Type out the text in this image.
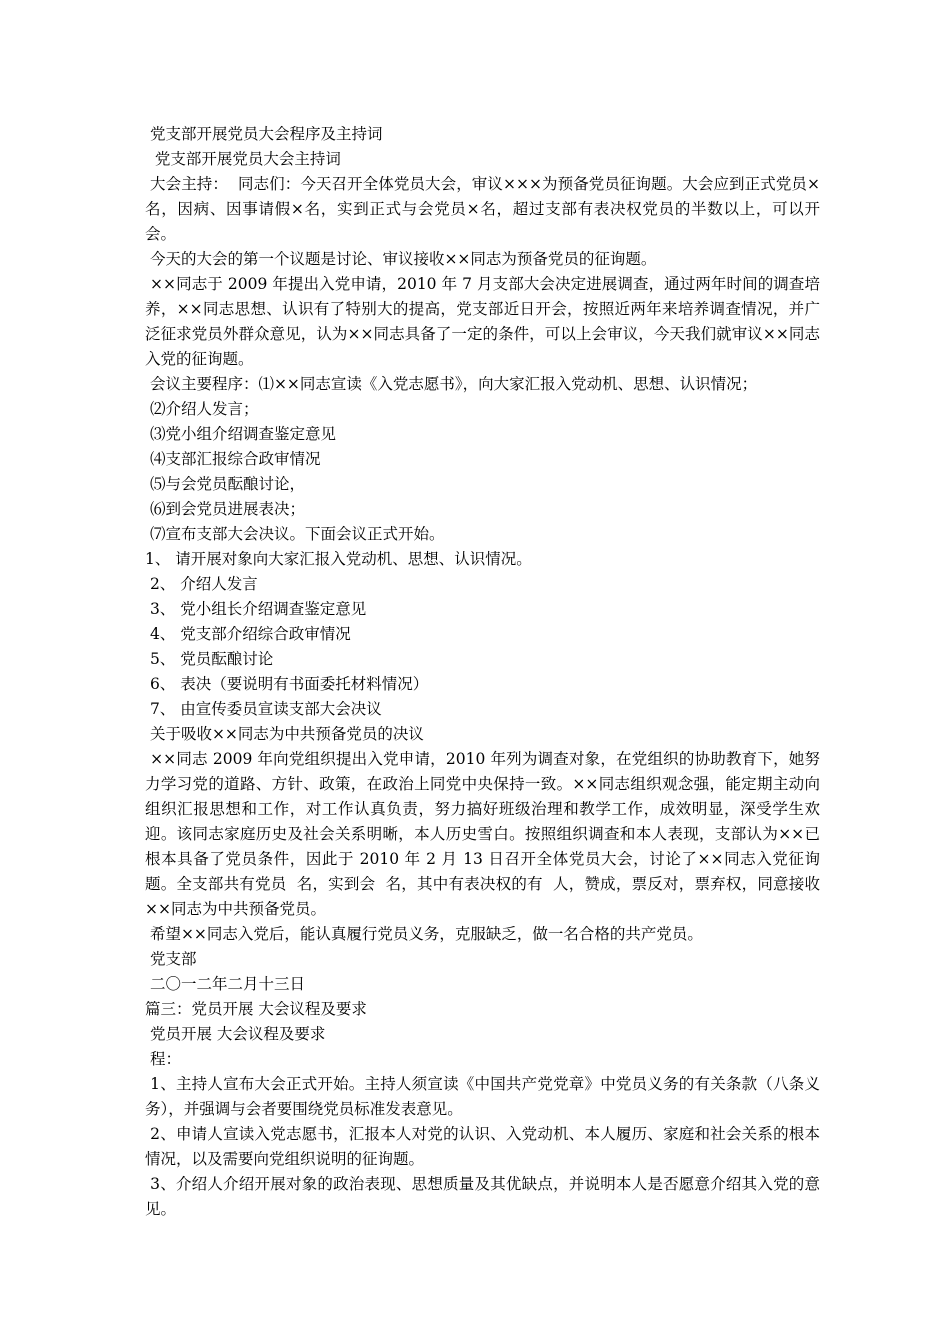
党支部开展党员大会程序及主持词

党支部开展党员大会主持词

大会主持：  同志们：今天召开全体党员大会，审议×××为预备党员征询题。大会应到正式党员×名，因病、因事请假×名，实到正式与会党员×名，超过支部有表决权党员的半数以上，可以开会。

今天的大会的第一个议题是讨论、审议接收××同志为预备党员的征询题。

××同志于 2009 年提出入党申请，2010 年 7 月支部大会决定进展调查，通过两年时间的调查培养，××同志思想、认识有了特别大的提高，党支部近日开会，按照近两年来培养调查情况，并广泛征求党员外群众意见，认为××同志具备了一定的条件，可以上会审议，今天我们就审议××同志入党的征询题。

会议主要程序：⑴××同志宣读《入党志愿书》，向大家汇报入党动机、思想、认识情况；

⑵介绍人发言；

⑶党小组介绍调查鉴定意见

⑷支部汇报综合政审情况

⑸与会党员酝酿讨论，

⑹到会党员进展表决；

⑺宣布支部大会决议。下面会议正式开始。

1、 请开展对象向大家汇报入党动机、思想、认识情况。

2、 介绍人发言

3、 党小组长介绍调查鉴定意见

4、 党支部介绍综合政审情况

5、 党员酝酿讨论

6、 表决（要说明有书面委托材料情况）

7、 由宣传委员宣读支部大会决议

关于吸收××同志为中共预备党员的决议

××同志 2009 年向党组织提出入党申请，2010 年列为调查对象，在党组织的协助教育下，她努力学习党的道路、方针、政策，在政治上同党中央保持一致。××同志组织观念强，能定期主动向组织汇报思想和工作，对工作认真负责，努力搞好班级治理和教学工作，成效明显，深受学生欢迎。该同志家庭历史及社会关系明晰，本人历史雪白。按照组织调查和本人表现，支部认为××已根本具备了党员条件，因此于 2010 年 2 月 13 日召开全体党员大会，讨论了××同志入党征询题。全支部共有党员  名，实到会  名，其中有表决权的有  人，赞成，票反对，票弃权，同意接收××同志为中共预备党员。

希望××同志入党后，能认真履行党员义务，克服缺乏，做一名合格的共产党员。

党支部

二〇一二年二月十三日

篇三：党员开展 大会议程及要求

党员开展 大会议程及要求

程：

1、主持人宣布大会正式开始。主持人须宣读《中国共产党党章》中党员义务的有关条款（八条义务），并强调与会者要围绕党员标准发表意见。

2、申请人宣读入党志愿书，汇报本人对党的认识、入党动机、本人履历、家庭和社会关系的根本情况，以及需要向党组织说明的征询题。

3、介绍人介绍开展对象的政治表现、思想质量及其优缺点，并说明本人是否愿意介绍其入党的意见。
